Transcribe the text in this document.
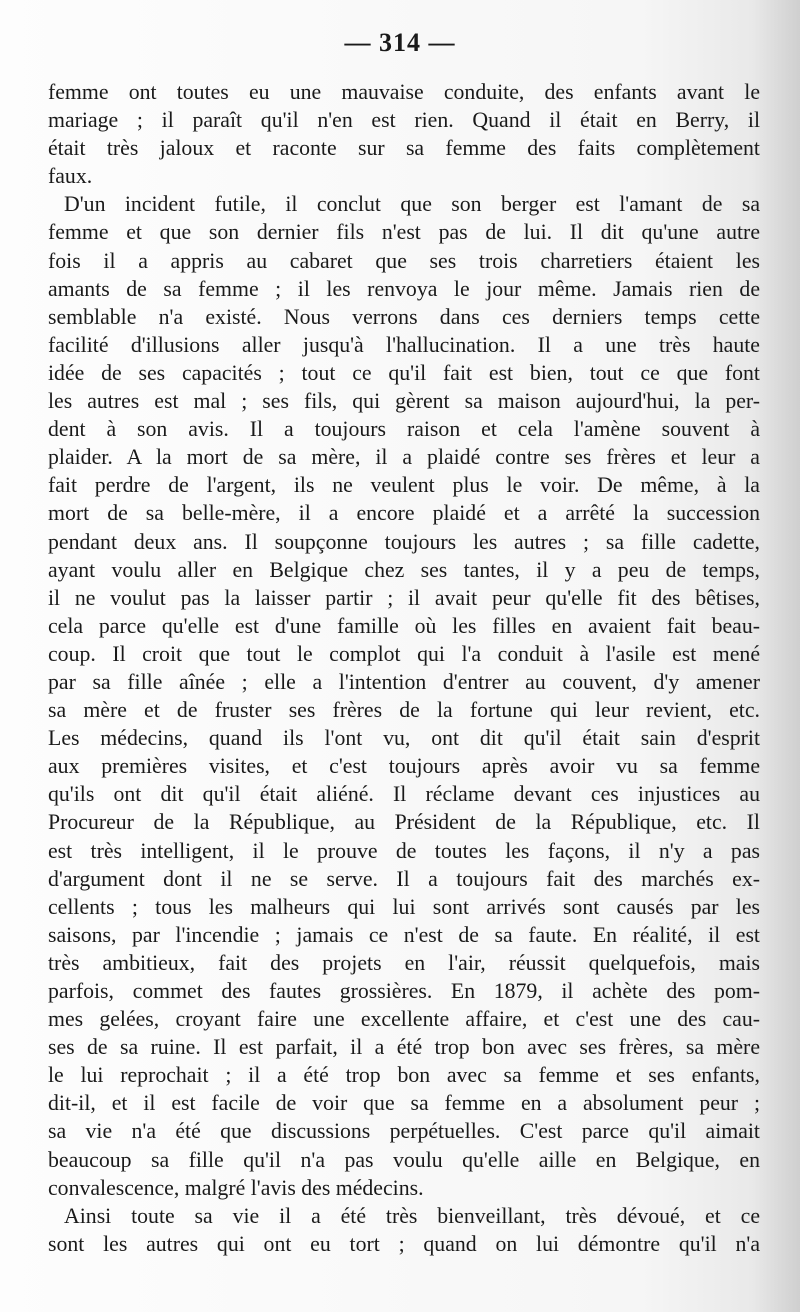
— 314 —
femme ont toutes eu une mauvaise conduite, des enfants avant le
mariage ; il paraît qu'il n'en est rien. Quand il était en Berry, il
était très jaloux et raconte sur sa femme des faits complètement
faux.
D'un incident futile, il conclut que son berger est l'amant de sa
femme et que son dernier fils n'est pas de lui. Il dit qu'une autre
fois il a appris au cabaret que ses trois charretiers étaient les
amants de sa femme ; il les renvoya le jour même. Jamais rien de
semblable n'a existé. Nous verrons dans ces derniers temps cette
facilité d'illusions aller jusqu'à l'hallucination. Il a une très haute
idée de ses capacités ; tout ce qu'il fait est bien, tout ce que font
les autres est mal ; ses fils, qui gèrent sa maison aujourd'hui, la per-
dent à son avis. Il a toujours raison et cela l'amène souvent à
plaider. A la mort de sa mère, il a plaidé contre ses frères et leur a
fait perdre de l'argent, ils ne veulent plus le voir. De même, à la
mort de sa belle-mère, il a encore plaidé et a arrêté la succession
pendant deux ans. Il soupçonne toujours les autres ; sa fille cadette,
ayant voulu aller en Belgique chez ses tantes, il y a peu de temps,
il ne voulut pas la laisser partir ; il avait peur qu'elle fit des bêtises,
cela parce qu'elle est d'une famille où les filles en avaient fait beau-
coup. Il croit que tout le complot qui l'a conduit à l'asile est mené
par sa fille aînée ; elle a l'intention d'entrer au couvent, d'y amener
sa mère et de fruster ses frères de la fortune qui leur revient, etc.
Les médecins, quand ils l'ont vu, ont dit qu'il était sain d'esprit
aux premières visites, et c'est toujours après avoir vu sa femme
qu'ils ont dit qu'il était aliéné. Il réclame devant ces injustices au
Procureur de la République, au Président de la République, etc. Il
est très intelligent, il le prouve de toutes les façons, il n'y a pas
d'argument dont il ne se serve. Il a toujours fait des marchés ex-
cellents ; tous les malheurs qui lui sont arrivés sont causés par les
saisons, par l'incendie ; jamais ce n'est de sa faute. En réalité, il est
très ambitieux, fait des projets en l'air, réussit quelquefois, mais
parfois, commet des fautes grossières. En 1879, il achète des pom-
mes gelées, croyant faire une excellente affaire, et c'est une des cau-
ses de sa ruine. Il est parfait, il a été trop bon avec ses frères, sa mère
le lui reprochait ; il a été trop bon avec sa femme et ses enfants,
dit-il, et il est facile de voir que sa femme en a absolument peur ;
sa vie n'a été que discussions perpétuelles. C'est parce qu'il aimait
beaucoup sa fille qu'il n'a pas voulu qu'elle aille en Belgique, en
convalescence, malgré l'avis des médecins.
Ainsi toute sa vie il a été très bienveillant, très dévoué, et ce
sont les autres qui ont eu tort ; quand on lui démontre qu'il n'a
